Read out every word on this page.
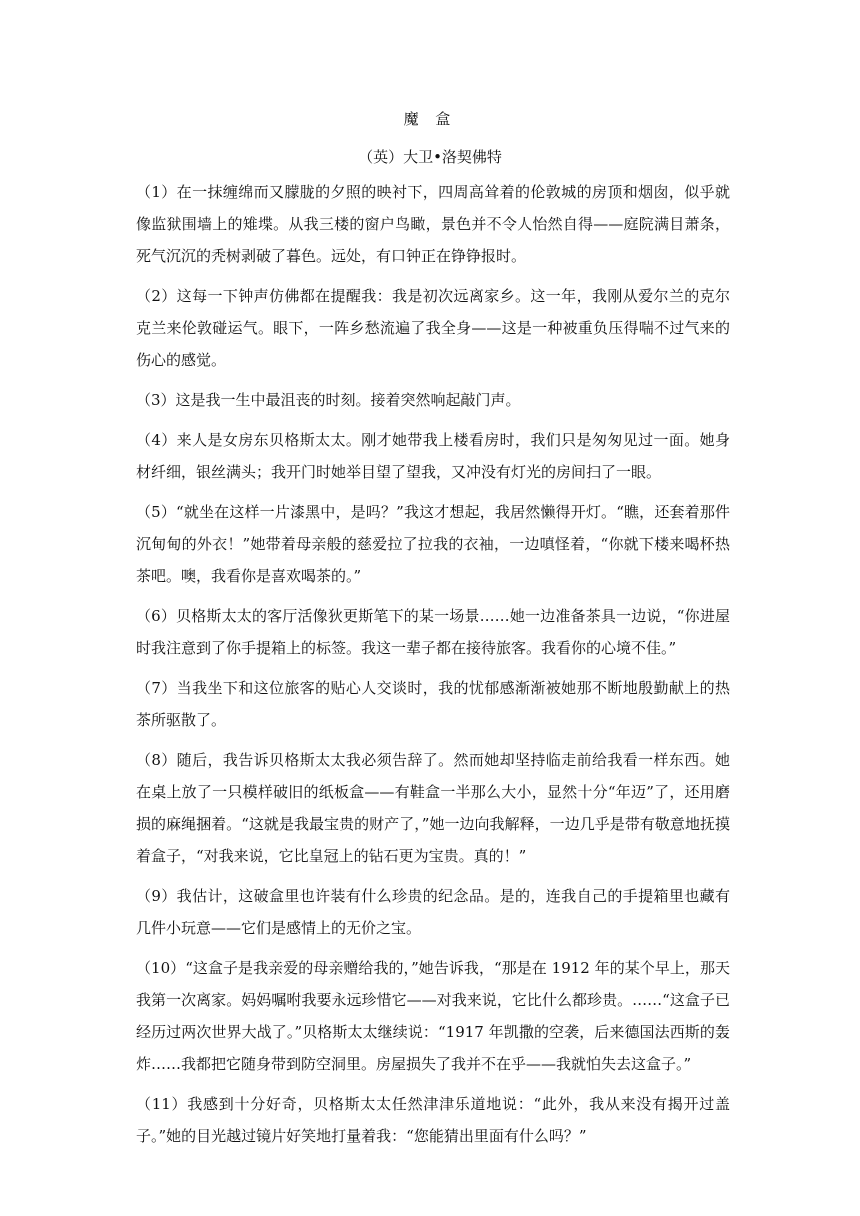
魔 盒
（英）大卫•洛契佛特

（1）在一抹缠绵而又朦胧的夕照的映衬下，四周高耸着的伦敦城的房顶和烟囱，似乎就像监狱围墙上的雉堞。从我三楼的窗户鸟瞰，景色并不令人怡然自得——庭院满目萧条，死气沉沉的秃树剥破了暮色。远处，有口钟正在铮铮报时。

（2）这每一下钟声仿佛都在提醒我：我是初次远离家乡。这一年，我刚从爱尔兰的克尔克兰来伦敦碰运气。眼下，一阵乡愁流遍了我全身——这是一种被重负压得喘不过气来的伤心的感觉。

（3）这是我一生中最沮丧的时刻。接着突然响起敲门声。

（4）来人是女房东贝格斯太太。刚才她带我上楼看房时，我们只是匆匆见过一面。她身材纤细，银丝满头；我开门时她举目望了望我，又冲没有灯光的房间扫了一眼。

（5）“就坐在这样一片漆黑中，是吗？”我这才想起，我居然懒得开灯。“瞧，还套着那件沉甸甸的外衣！”她带着母亲般的慈爱拉了拉我的衣袖，一边嗔怪着，“你就下楼来喝杯热茶吧。噢，我看你是喜欢喝茶的。”

（6）贝格斯太太的客厅活像狄更斯笔下的某一场景……她一边准备茶具一边说，“你进屋时我注意到了你手提箱上的标签。我这一辈子都在接待旅客。我看你的心境不佳。”

（7）当我坐下和这位旅客的贴心人交谈时，我的忧郁感渐渐被她那不断地殷勤献上的热茶所驱散了。

（8）随后，我告诉贝格斯太太我必须告辞了。然而她却坚持临走前给我看一样东西。她在桌上放了一只模样破旧的纸板盒——有鞋盒一半那么大小，显然十分“年迈”了，还用磨损的麻绳捆着。“这就是我最宝贵的财产了，”她一边向我解释，一边几乎是带有敬意地抚摸着盒子，“对我来说，它比皇冠上的钻石更为宝贵。真的！”

（9）我估计，这破盒里也许装有什么珍贵的纪念品。是的，连我自己的手提箱里也藏有几件小玩意——它们是感情上的无价之宝。

（10）“这盒子是我亲爱的母亲赠给我的，”她告诉我，“那是在 1912 年的某个早上，那天我第一次离家。妈妈嘱咐我要永远珍惜它——对我来说，它比什么都珍贵。……“这盒子已经历过两次世界大战了。”贝格斯太太继续说：“1917 年凯撒的空袭，后来德国法西斯的轰炸……我都把它随身带到防空洞里。房屋损失了我并不在乎——我就怕失去这盒子。”

（11）我感到十分好奇，贝格斯太太任然津津乐道地说：“此外，我从来没有揭开过盖子。”她的目光越过镜片好笑地打量着我：“您能猜出里面有什么吗？”
